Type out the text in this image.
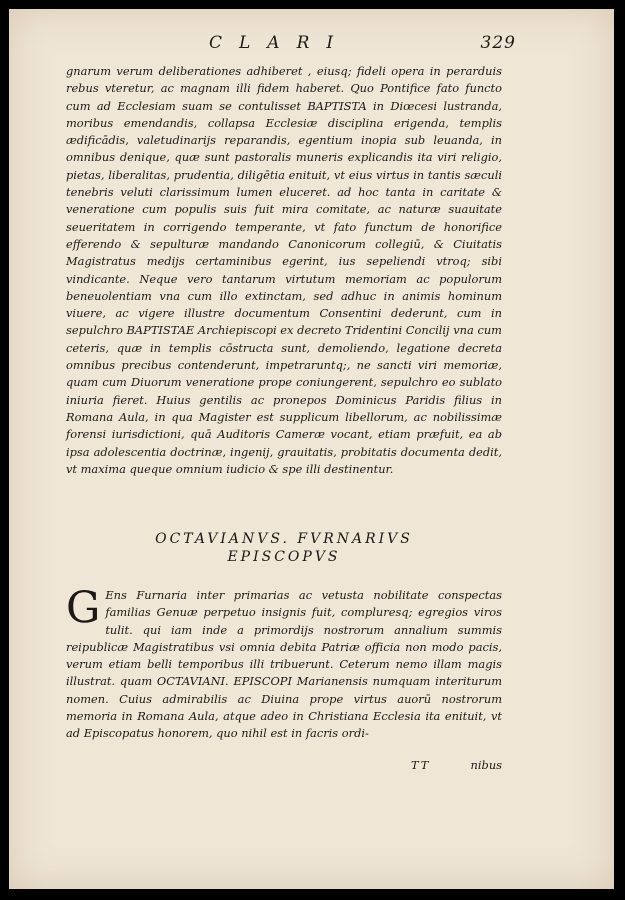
CLARI	329

gnarum verum deliberationes adhiberet , eiusq; fideli opera in perarduis rebus vteretur, ac magnam illi fidem haberet. Quo Pontifice fato functo cum ad Ecclesiam suam se contulisset BAPTISTA in Diœcesi lustranda, moribus emendandis, collapsa Ecclesiæ disciplina erigenda, templis ædificādis, valetudinarijs reparandis, egentium inopia sub leuanda, in omnibus denique, quæ sunt pastoralis muneris explicandis ita viri religio, pietas, liberalitas, prudentia, diligētia enituit, vt eius virtus in tantis sæculi tenebris veluti clarissimum lumen eluceret. ad hoc tanta in caritate & veneratione cum populis suis fuit mira comitate, ac naturæ suauitate seueritatem in corrigendo temperante, vt fato functum de honorifice efferendo & sepulturæ mandando Canonicorum collegiū, & Ciuitatis Magistratus medijs certaminibus egerint, ius sepeliendi vtroq; sibi vindicante. Neque vero tantarum virtutum memoriam ac populorum beneuolentiam vna cum illo extinctam, sed adhuc in animis hominum viuere, ac vigere illustre documentum Consentini dederunt, cum in sepulchro BAPTISTAE Archiepiscopi ex decreto Tridentini Concilij vna cum ceteris, quæ in templis cōstructa sunt, demoliendo, legatione decreta omnibus precibus contenderunt, impetraruntq;, ne sancti viri memoriæ, quam cum Diuorum veneratione prope coniungerent, sepulchro eo sublato iniuria fieret. Huius gentilis ac pronepos Dominicus Paridis filius in Romana Aula, in qua Magister est supplicum libellorum, ac nobilissimæ forensi iurisdictioni, quā Auditoris Cameræ vocant, etiam præfuit, ea ab ipsa adolescentia doctrinæ, ingenij, grauitatis, probitatis documenta dedit, vt maxima queque omnium iudicio & spe illi destinentur.

OCTAVIANVS. FVRNARIVS
EPISCOPVS

G Ens Furnaria inter primarias ac vetusta nobilitate conspectas familias Genuæ perpetuo insignis fuit, compluresq; egregios viros tulit. qui iam inde a primordijs nostrorum annalium summis reipublicæ Magistratibus vsi omnia debita Patriæ officia non modo pacis, verum etiam belli temporibus illi tribuerunt. Ceterum nemo illam magis illustrat. quam OCTAVIANI. EPISCOPI Marianensis numquam interiturum nomen. Cuius admirabilis ac Diuina prope virtus auorū nostrorum memoria in Romana Aula, atque adeo in Christiana Ecclesia ita enituit, vt ad Episcopatus honorem, quo nihil est in facris ordi-

TT	nibus
